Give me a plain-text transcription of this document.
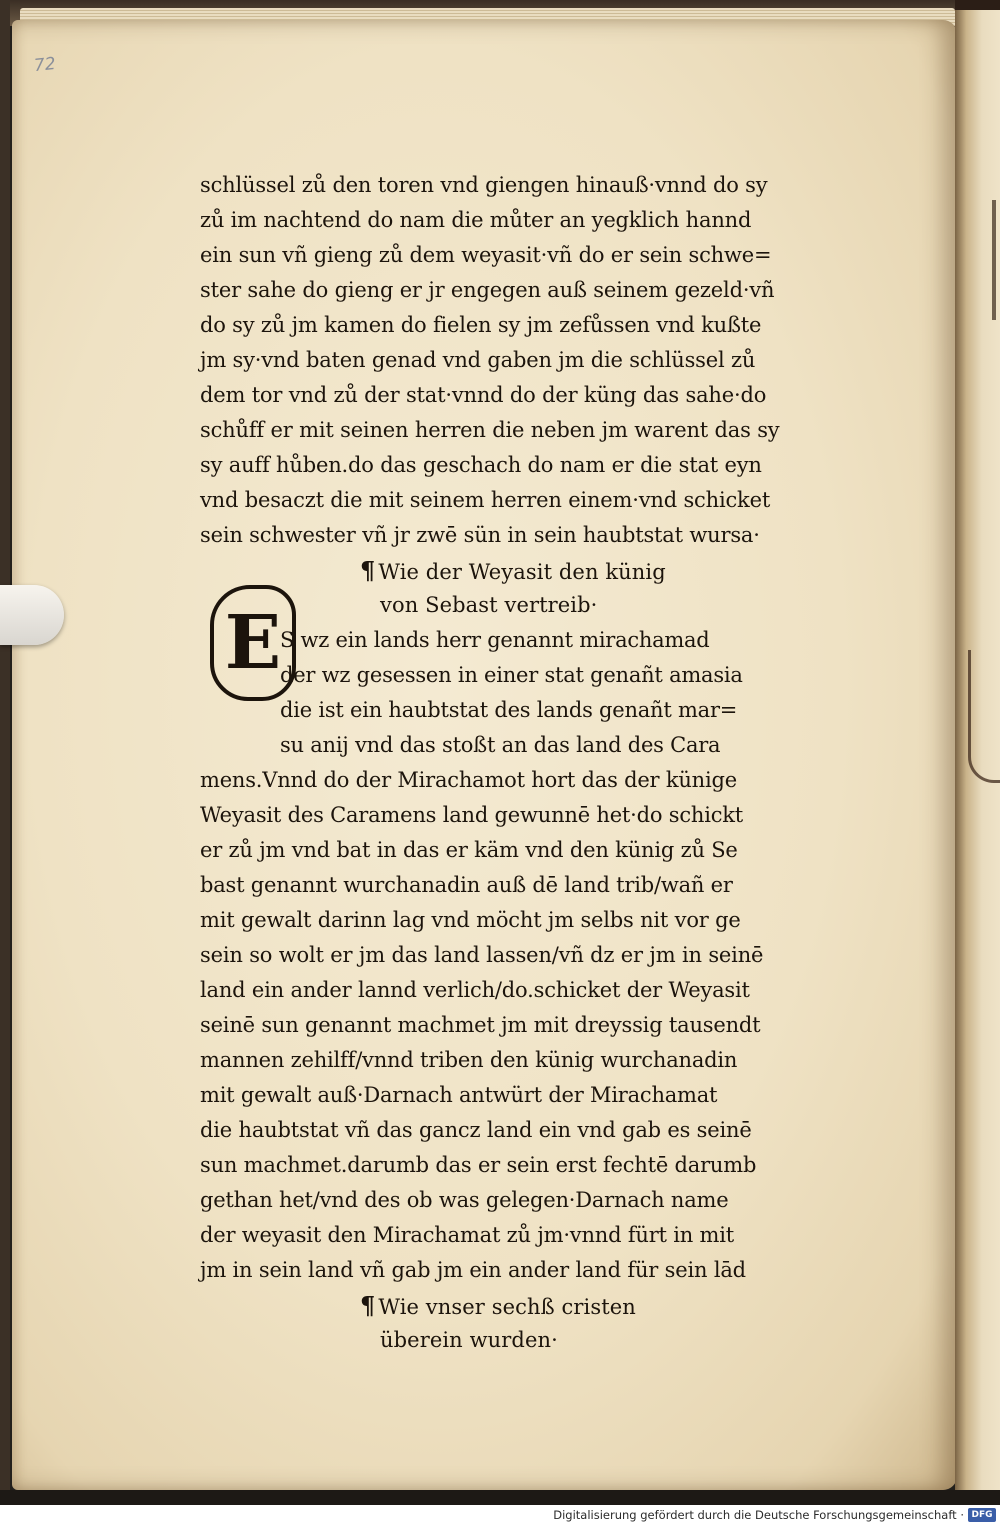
72
E
schlüssel zů den toren vnd giengen hinauß·vnnd do sy
zů im nachtend do nam die můter an yegklich hannd
ein sun vñ gieng zů dem weyasit·vñ do er sein schwe=
ster sahe do gieng er jr engegen auß seinem gezeld·vñ
do sy zů jm kamen do fielen sy jm zefůssen vnd kußte
jm sy·vnd baten genad vnd gaben jm die schlüssel zů
dem tor vnd zů der stat·vnnd do der küng das sahe·do
schůff er mit seinen herren die neben jm warent das sy
sy auff hůben.do das geschach do nam er die stat eyn
vnd besaczt die mit seinem herren einem·vnd schicket
sein schwester vñ jr zwē sün in sein haubtstat wursa·
¶ Wie der Weyasit den künig
von Sebast vertreib·
S wz ein lands herr genannt mirachamad
der wz gesessen in einer stat genañt amasia
die ist ein haubtstat des lands genañt mar=
su anij vnd das stoßt an das land des Cara
mens.Vnnd do der Mirachamot hort das der künige
Weyasit des Caramens land gewunnē het·do schickt
er zů jm vnd bat in das er käm vnd den künig zů Se
bast genannt wurchanadin auß dē land trib/wañ er
mit gewalt darinn lag vnd möcht jm selbs nit vor ge
sein so wolt er jm das land lassen/vñ dz er jm in seinē
land ein ander lannd verlich/do.schicket der Weyasit
seinē sun genannt machmet jm mit dreyssig tausendt
mannen zehilff/vnnd triben den künig wurchanadin
mit gewalt auß·Darnach antwürt der Mirachamat
die haubtstat vñ das gancz land ein vnd gab es seinē
sun machmet.darumb das er sein erst fechtē darumb
gethan het/vnd des ob was gelegen·Darnach name
der weyasit den Mirachamat zů jm·vnnd fürt in mit
jm in sein land vñ gab jm ein ander land für sein lād
¶ Wie vnser sechß cristen
überein wurden·
Digitalisierung gefördert durch die Deutsche Forschungsgemeinschaft · DFG
